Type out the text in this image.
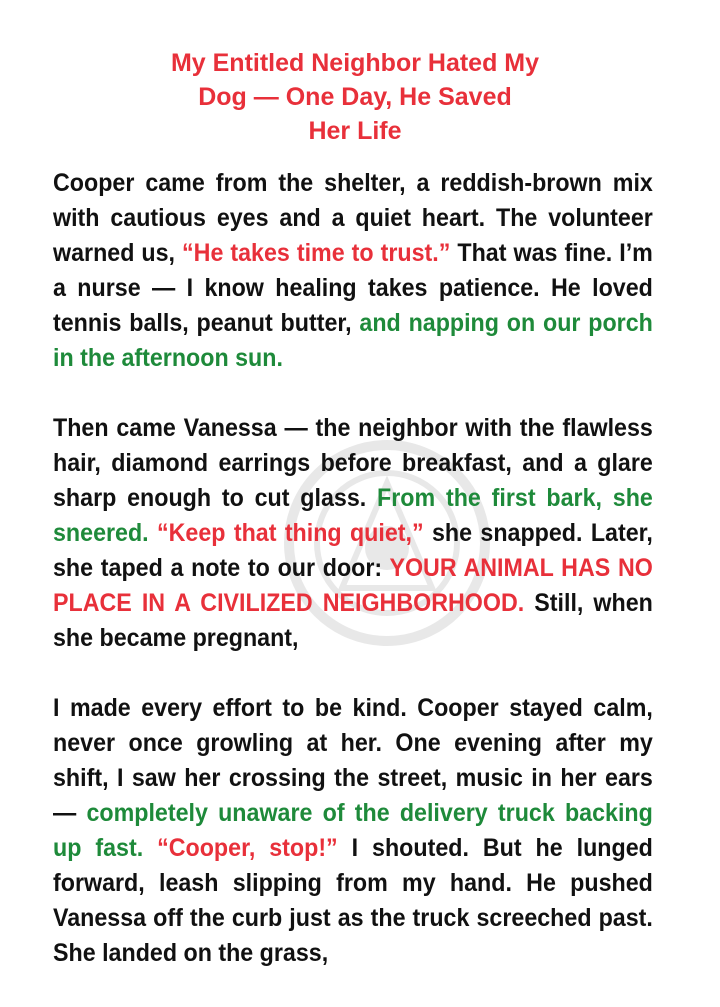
My Entitled Neighbor Hated My
Dog — One Day, He Saved
Her Life

Cooper came from the shelter, a reddish-brown mix with cautious eyes and a quiet heart. The volunteer warned us, “He takes time to trust.” That was fine. I’m a nurse — I know healing takes patience. He loved tennis balls, peanut butter, and napping on our porch in the afternoon sun.

Then came Vanessa — the neighbor with the flawless hair, diamond earrings before breakfast, and a glare sharp enough to cut glass. From the first bark, she sneered. “Keep that thing quiet,” she snapped. Later, she taped a note to our door: YOUR ANIMAL HAS NO PLACE IN A CIVILIZED NEIGHBORHOOD. Still, when she became pregnant,

I made every effort to be kind. Cooper stayed calm, never once growling at her. One evening after my shift, I saw her crossing the street, music in her ears — completely unaware of the delivery truck backing up fast. “Cooper, stop!” I shouted. But he lunged forward, leash slipping from my hand. He pushed Vanessa off the curb just as the truck screeched past. She landed on the grass,
